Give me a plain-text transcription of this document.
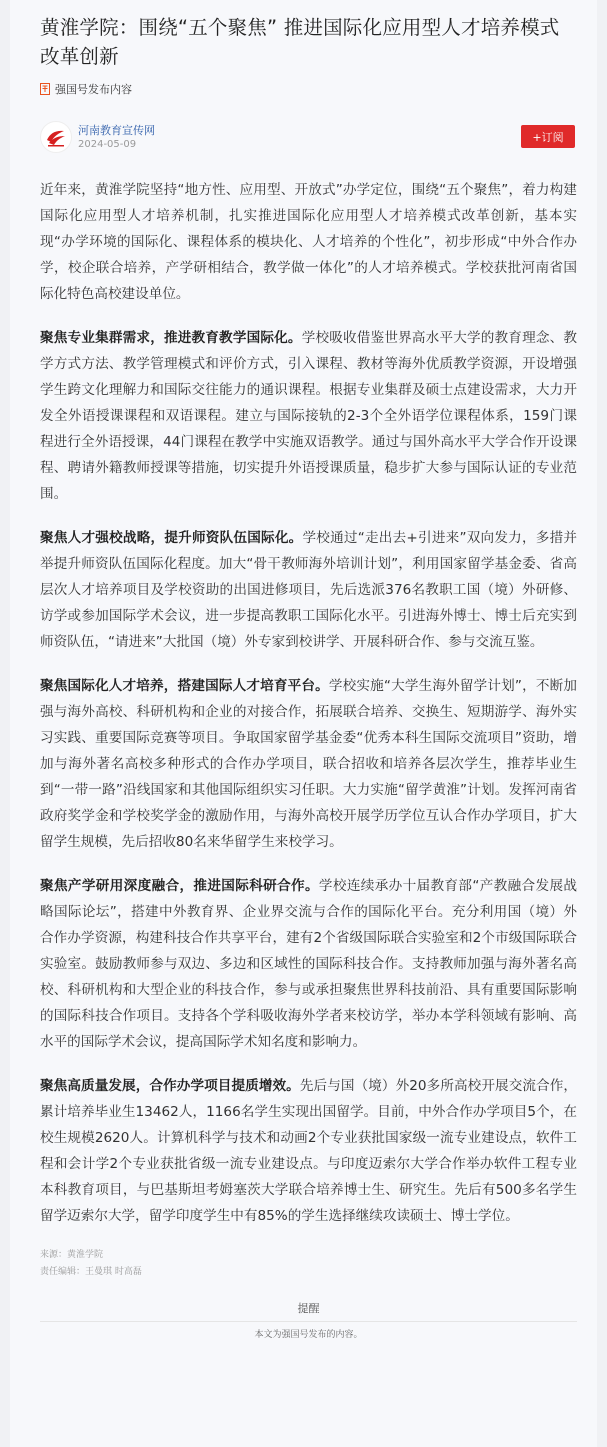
黄淮学院：围绕“五个聚焦” 推进国际化应用型人才培养模式改革创新
强国号发布内容
河南教育宣传网
2024-05-09
+订阅

近年来，黄淮学院坚持“地方性、应用型、开放式”办学定位，围绕“五个聚焦”，着力构建国际化应用型人才培养机制，扎实推进国际化应用型人才培养模式改革创新，基本实现“办学环境的国际化、课程体系的模块化、人才培养的个性化”，初步形成“中外合作办学，校企联合培养，产学研相结合，教学做一体化”的人才培养模式。学校获批河南省国际化特色高校建设单位。

聚焦专业集群需求，推进教育教学国际化。学校吸收借鉴世界高水平大学的教育理念、教学方式方法、教学管理模式和评价方式，引入课程、教材等海外优质教学资源，开设增强学生跨文化理解力和国际交往能力的通识课程。根据专业集群及硕士点建设需求，大力开发全外语授课课程和双语课程。建立与国际接轨的2-3个全外语学位课程体系，159门课程进行全外语授课，44门课程在教学中实施双语教学。通过与国外高水平大学合作开设课程、聘请外籍教师授课等措施，切实提升外语授课质量，稳步扩大参与国际认证的专业范围。

聚焦人才强校战略，提升师资队伍国际化。学校通过“走出去+引进来”双向发力，多措并举提升师资队伍国际化程度。加大“骨干教师海外培训计划”，利用国家留学基金委、省高层次人才培养项目及学校资助的出国进修项目，先后选派376名教职工国（境）外研修、访学或参加国际学术会议，进一步提高教职工国际化水平。引进海外博士、博士后充实到师资队伍，“请进来”大批国（境）外专家到校讲学、开展科研合作、参与交流互鉴。

聚焦国际化人才培养，搭建国际人才培育平台。学校实施“大学生海外留学计划”，不断加强与海外高校、科研机构和企业的对接合作，拓展联合培养、交换生、短期游学、海外实习实践、重要国际竞赛等项目。争取国家留学基金委“优秀本科生国际交流项目”资助，增加与海外著名高校多种形式的合作办学项目，联合招收和培养各层次学生，推荐毕业生到“一带一路”沿线国家和其他国际组织实习任职。大力实施“留学黄淮”计划。发挥河南省政府奖学金和学校奖学金的激励作用，与海外高校开展学历学位互认合作办学项目，扩大留学生规模，先后招收80名来华留学生来校学习。

聚焦产学研用深度融合，推进国际科研合作。学校连续承办十届教育部“产教融合发展战略国际论坛”，搭建中外教育界、企业界交流与合作的国际化平台。充分利用国（境）外合作办学资源，构建科技合作共享平台，建有2个省级国际联合实验室和2个市级国际联合实验室。鼓励教师参与双边、多边和区域性的国际科技合作。支持教师加强与海外著名高校、科研机构和大型企业的科技合作，参与或承担聚焦世界科技前沿、具有重要国际影响的国际科技合作项目。支持各个学科吸收海外学者来校访学，举办本学科领域有影响、高水平的国际学术会议，提高国际学术知名度和影响力。

聚焦高质量发展，合作办学项目提质增效。先后与国（境）外20多所高校开展交流合作，累计培养毕业生13462人，1166名学生实现出国留学。目前，中外合作办学项目5个，在校生规模2620人。计算机科学与技术和动画2个专业获批国家级一流专业建设点，软件工程和会计学2个专业获批省级一流专业建设点。与印度迈索尔大学合作举办软件工程专业本科教育项目，与巴基斯坦考姆塞茨大学联合培养博士生、研究生。先后有500多名学生留学迈索尔大学，留学印度学生中有85%的学生选择继续攻读硕士、博士学位。

来源：黄淮学院
责任编辑：王曼琪 时高磊
提醒
本文为强国号发布的内容。
